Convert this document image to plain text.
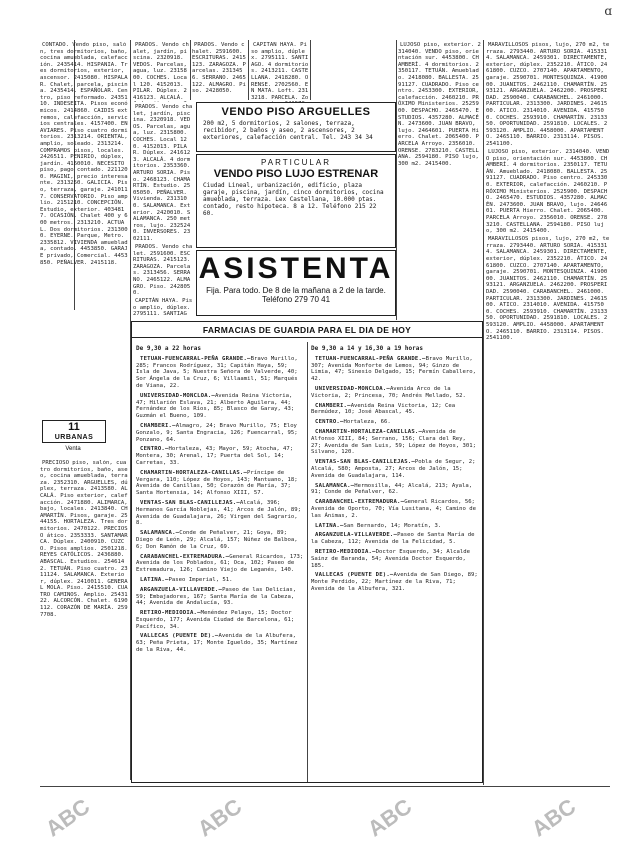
ɑ

CONTADO. Vendo piso, salón, tres dormitorios, baño, cocina amueblada, calefacción. 2435414. HISPANIA. Tres dormitorios, exterior, ascensor. 2415080. HISPALAR. Chalet, parcela, piscina. 2435414. ESPAÑOLAR. Centro, piso reformado. 2435110. INDESEITA. Pisos económicos. 2414860. CAIDIS extremos, calefacción, servicios centrales. 4157400. ENAVIARES. Piso cuatro dormitorios. 2313214. ORIENTAL, amplio, soleado. 2313214. COMPRAMOS pisos, locales. 2426511. PENIRIO, dúplex, jardín. 4160010. NECESITO piso, pago contado. 2211200. MAGINI, precio interesante. 2313250. GALICIA. Piso, terraza, garaje. 2410117. CONSERVATORIO. Piso amplio. 2151210. CONCEPCIÓN. Estudio, exterior. 4034817. OCASIÓN. Chalet 400 y 600 metros. 2313210. ACTUAL. Dos dormitorios. 2313000. EYERNE. Parque, Metro. 2335812. VIVIENDA amueblada, contado. 4453850. GARAJE privado, Comercial. 4453850. PEÑALVER. 2415118.

11
URBANAS
Venta

PRECIOSO piso, salón, cuatro dormitorios, baño, aseo, cocina amueblada, terraza. 2352310. ARGUELLES, dúplex, terraza. 2413580. ALCALÁ. Piso exterior, calefacción. 2471880. ALIMARCA, bajo, locales. 2413840. CHAMARTÍN. Pisos, garaje. 2544155. HORTALEZA. Tres dormitorios. 2470122. PRECIOSO ático. 2353333. SANTAMARCA. Dúplex. 2400910. CUZCO. Pisos amplios. 2501218. REYES CATÓLICOS. 2436880. ABASCAL. Estudios. 2546142. TETUÁN. Piso cuatro. 2311124. SALAMANCA. Exterior, dúplex. 2410011. GENERAL MOLA. Piso. 2415510. CUATRO CAMINOS. Amplio. 2543122. ALCORCÓN. Chalet. 6190112. CORAZÓN DE MARÍA. 2597708.

PRADOS. Vendo chalet, jardín, piscina. 2320918. VEDOS. Parcelas, agua, luz. 2315800. COCHES. Local 120. 4152013. PILAR. Dúplex. 2416123. ALCALÁ.

PRADOS. Vendo chalet. 2591600. ESCRITURAS. 2415123. ZARAGOZA. Parcelas. 2313456. SERRANO. 2465122. ALMAGRO. Piso. 2428050.

CAPITÁN HAYA. Piso amplio, dúplex. 2795111. SANTIAGO. 4 dormitorios. 2413211. CASTELLANA. 2418280. ORENSE. 2702560. EN MATA. Loft. 2313218. PARCELA. Zo

VENDO PISO ARGUELLES
200 m2, 5 dormitorios, 2 salones, terraza, recibidor, 2 baños y aseo, 2 ascensores, 2 exteriores, calefacción central. Tel. 243 34 34
PARTICULAR
VENDO PISO LUJO ESTRENAR
Ciudad Lineal, urbanización, edificio, plaza garaje, piscina, jardín, cinco dormitorios, cocina amueblada, terraza. Lex Castellana, 10.000 ptas. contado, resto hipoteca. 8 a 12. Teléfono 215 22 60.
ASISTENTA
Fija. Para todo. De 8 de la mañana a 2 de la tarde. Teléfono 279 70 41

PRADOS. Vendo chalet, jardín, piscina. 2320918. VEDOS. Parcelas, agua, luz. 2315800. COCHES. Local 120. 4152013. PILAR. Dúplex. 2416123. ALCALÁ. 4 dormitorios. 2353360. ARTURO SORIA. Piso. 2468123. CHAMARTÍN. Estudio. 2505050. PEÑALVER. Vivienda. 2313100. SALAMANCA. Exterior. 2420010. SALAMANCA. 250 metros, lujo. 2325240. INVERSORES. 2302111.

PRADOS. Vendo chalet. 2591600. ESCRITURAS. 2415123. ZARAGOZA. Parcelas. 2313456. SERRANO. 2465122. ALMAGRO. Piso. 2428050.

CAPITÁN HAYA. Piso amplio, dúplex. 2795111. SANTIAG

LUJOSO piso, exterior. 2314040. VENDO piso, orientación sur. 4453800. CHAMBERÍ. 4 dormitorios. 2350117. TETUÁN. Amueblado. 2418080. BALLESTA. 2591127. CUADRADO. Piso centro. 2453300. EXTERIOR, calefacción. 2460210. PRÓXIMO Ministerios. 2525900. DESPACHO. 2465470. ESTUDIOS. 4357280. ALMACÉN. 2473600. JUAN BRAVO, lujo. 2464601. PUERTA Hierro. Chalet. 2065400. PARCELA Arroyo. 2356010. ORENSE. 2783210. CASTELLANA. 2594180. PISO lujo, 300 m2. 2415400.

MARAVILLOSOS pisos, lujo, 270 m2, terraza. 2793440. ARTURO SORIA. 4153314. SALAMANCA. 2459301. DIRECTAMENTE, exterior, dúplex. 2352210. ÁTICO. 2461800. CUZCO. 2707140. APARTAMENTO, garaje. 2590701. MONTESQUINZA. 4190000. JUANITOS. 2462110. CHAMARTÍN. 2593121. ARGANZUELA. 2462200. PROSPERIDAD. 2590040. CARABANCHEL. 2461000. PARTICULAR. 2313300. JARDINES. 2461500. ATICO. 2314010. AVENIDA. 4157500. COCHES. 2593910. CHAMARTÍN. 2313350. OPORTUNIDAD. 2591810. LOCALES. 2593120. AMPLIO. 4458000. APARTAMENTO. 2465110. BARRIO. 2313114. PISOS. 2541100.

LUJOSO piso, exterior. 2314040. VENDO piso, orientación sur. 4453800. CHAMBERÍ. 4 dormitorios. 2350117. TETUÁN. Amueblado. 2418080. BALLESTA. 2591127. CUADRADO. Piso centro. 2453300. EXTERIOR, calefacción. 2460210. PRÓXIMO Ministerios. 2525900. DESPACHO. 2465470. ESTUDIOS. 4357280. ALMACÉN. 2473600. JUAN BRAVO, lujo. 2464601. PUERTA Hierro. Chalet. 2065400. PARCELA Arroyo. 2356010. ORENSE. 2783210. CASTELLANA. 2594180. PISO lujo, 300 m2. 2415400.

MARAVILLOSOS pisos, lujo, 270 m2, terraza. 2793440. ARTURO SORIA. 4153314. SALAMANCA. 2459301. DIRECTAMENTE, exterior, dúplex. 2352210. ÁTICO. 2461800. CUZCO. 2707140. APARTAMENTO, garaje. 2590701. MONTESQUINZA. 4190000. JUANITOS. 2462110. CHAMARTÍN. 2593121. ARGANZUELA. 2462200. PROSPERIDAD. 2590040. CARABANCHEL. 2461000. PARTICULAR. 2313300. JARDINES. 2461500. ATICO. 2314010. AVENIDA. 4157500. COCHES. 2593910. CHAMARTÍN. 2313350. OPORTUNIDAD. 2591810. LOCALES. 2593120. AMPLIO. 4458000. APARTAMENTO. 2465110. BARRIO. 2313114. PISOS. 2541100.

FARMACIAS DE GUARDIA PARA EL DIA DE HOY
De 9,30 a 22 horas

TETUAN-FUENCARRAL-PEÑA GRANDE.—Bravo Murillo, 285; Francos Rodríguez, 31; Capitán Haya, 59; Isla de Java, 5; Nuestra Señora de Valverde, 40; Sor Ángela de la Cruz, 6; Villaamil, 51; Marqués de Viana, 22.

UNIVERSIDAD-MONCLOA.—Avenida Reina Victoria, 47; Hilarión Eslava, 21; Alberto Aguilera, 44; Fernández de los Ríos, 85; Blasco de Garay, 43; Guzmán el Bueno, 109.

CHAMBERI.—Almagro, 24; Bravo Murillo, 75; Eloy Gonzalo, 9; Santa Engracia, 126; Fuencarral, 95; Ponzano, 64.

CENTRO.—Hortaleza, 43; Mayor, 59; Atocha, 47; Montera, 30; Arenal, 17; Puerta del Sol, 14; Carretas, 33.

CHAMARTIN-HORTALEZA-CANILLAS.—Príncipe de Vergara, 110; López de Hoyos, 143; Mantuano, 18; Avenida de Canillas, 50; Corazón de María, 37; Santa Hortensia, 14; Alfonso XIII, 57.

VENTAS-SAN BLAS-CANILLEJAS.—Alcalá, 396; Hermanos García Noblejas, 41; Arcos de Jalón, 89; Avenida de Guadalajara, 26; Virgen del Sagrario, 8.

SALAMANCA.—Conde de Peñalver, 21; Goya, 89; Diego de León, 29; Alcalá, 157; Núñez de Balboa, 6; Don Ramón de la Cruz, 69.

CARABANCHEL-EXTREMADURA.—General Ricardos, 173; Avenida de los Poblados, 61; Oca, 102; Paseo de Extremadura, 126; Camino Viejo de Leganés, 140.

LATINA.—Paseo Imperial, 51.

ARGANZUELA-VILLAVERDE.—Paseo de las Delicias, 59; Embajadores, 167; Santa María de la Cabeza, 44; Avenida de Andalucía, 93.

RETIRO-MEDIODIA.—Menéndez Pelayo, 15; Doctor Esquerdo, 177; Avenida Ciudad de Barcelona, 61; Pacífico, 34.

VALLECAS (PUENTE DE).—Avenida de la Albufera, 63; Peña Prieta, 17; Monte Igueldo, 35; Martínez de la Riva, 44.

De 9,30 a 14 y 16,30 a 19 horas

TETUAN-FUENCARRAL-PEÑA GRANDE.—Bravo Murillo, 307; Avenida Monforte de Lemos, 94; Ginzo de Limia, 47; Sinesio Delgado, 15; Fermín Caballero, 42.

UNIVERSIDAD-MONCLOA.—Avenida Arco de la Victoria, 2; Princesa, 70; Andrés Mellado, 52.

CHAMBERI.—Avenida Reina Victoria, 12; Cea Bermúdez, 10; José Abascal, 45.

CENTRO.—Hortaleza, 66.

CHAMARTIN-HORTALEZA-CANILLAS.—Avenida de Alfonso XIII, 84; Serrano, 156; Clara del Rey, 27; Avenida de San Luis, 59; López de Hoyos, 301; Silvano, 120.

VENTAS-SAN BLAS-CANILLEJAS.—Pobla de Segur, 2; Alcalá, 580; Amposta, 27; Arcos de Jalón, 15; Avenida de Guadalajara, 114.

SALAMANCA.—Hermosilla, 44; Alcalá, 213; Ayala, 91; Conde de Peñalver, 62.

CARABANCHEL-EXTREMADURA.—General Ricardos, 56; Avenida de Oporto, 70; Vía Lusitana, 4; Camino de las Ánimas, 2.

LATINA.—San Bernardo, 14; Moratín, 3.

ARGANZUELA-VILLAVERDE.—Paseo de Santa María de la Cabeza, 112; Avenida de la Felicidad, 5.

RETIRO-MEDIODIA.—Doctor Esquerdo, 34; Alcalde Sainz de Baranda, 54; Avenida Doctor Esquerdo, 185.

VALLECAS (PUENTE DE).—Avenida de San Diego, 89; Monte Perdido, 22; Martínez de la Riva, 71; Avenida de la Albufera, 321.

ABC	ABC	ABC	ABC
